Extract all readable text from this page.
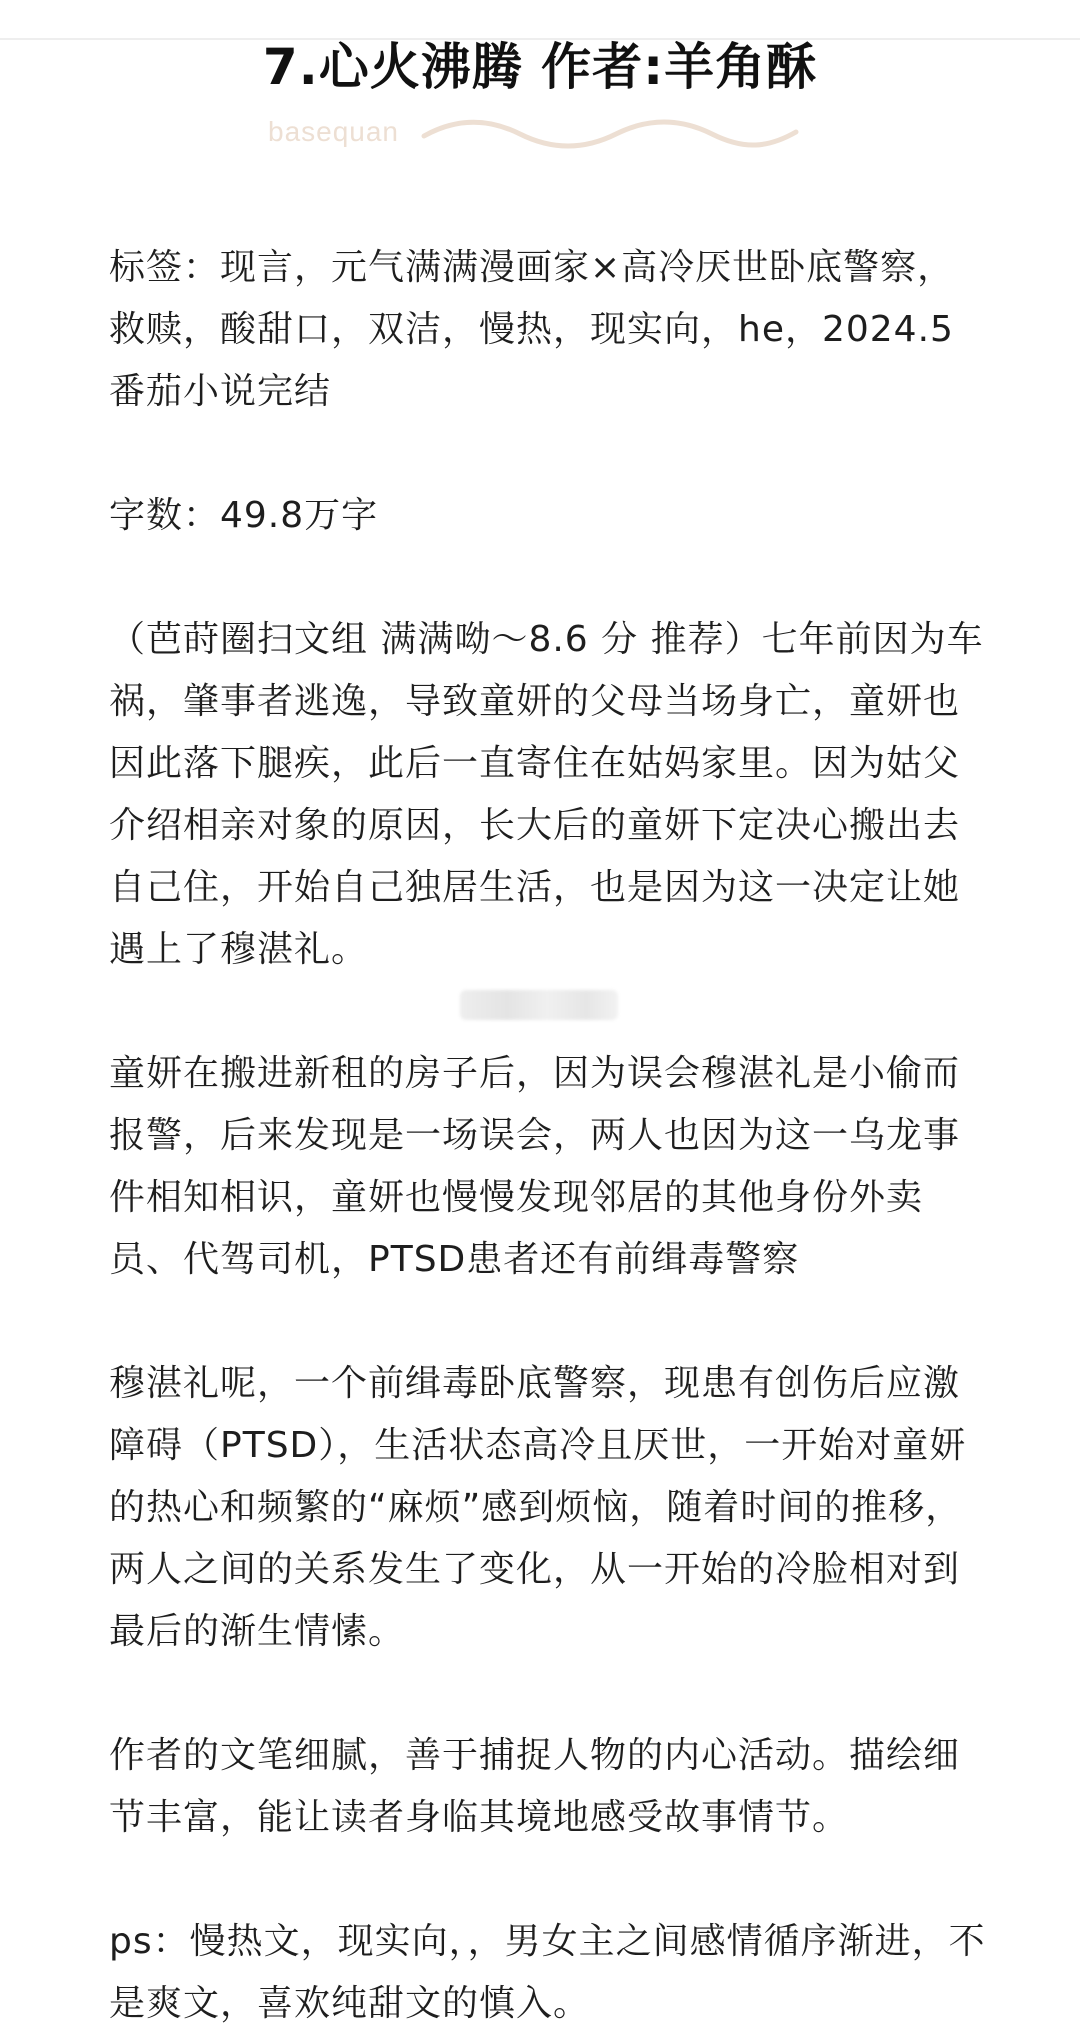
7.心火沸腾 作者:羊角酥
basequan

标签：现言，元气满满漫画家×高冷厌世卧底警察，救赎，酸甜口，双洁，慢热，现实向，he，2024.5番茄小说完结

字数：49.8万字

（芭莳圈扫文组 满满呦～8.6 分 推荐）七年前因为车祸，肇事者逃逸，导致童妍的父母当场身亡，童妍也因此落下腿疾，此后一直寄住在姑妈家里。因为姑父介绍相亲对象的原因，长大后的童妍下定决心搬出去自己住，开始自己独居生活，也是因为这一决定让她遇上了穆湛礼。

童妍在搬进新租的房子后，因为误会穆湛礼是小偷而报警，后来发现是一场误会，两人也因为这一乌龙事件相知相识，童妍也慢慢发现邻居的其他身份外卖员、代驾司机，PTSD患者还有前缉毒警察

穆湛礼呢，一个前缉毒卧底警察，现患有创伤后应激障碍（PTSD），生活状态高冷且厌世，一开始对童妍的热心和频繁的“麻烦”感到烦恼，随着时间的推移，两人之间的关系发生了变化，从一开始的冷脸相对到最后的渐生情愫。

作者的文笔细腻，善于捕捉人物的内心活动。描绘细节丰富，能让读者身临其境地感受故事情节。

ps：慢热文，现实向，，男女主之间感情循序渐进，不是爽文，喜欢纯甜文的慎入。
